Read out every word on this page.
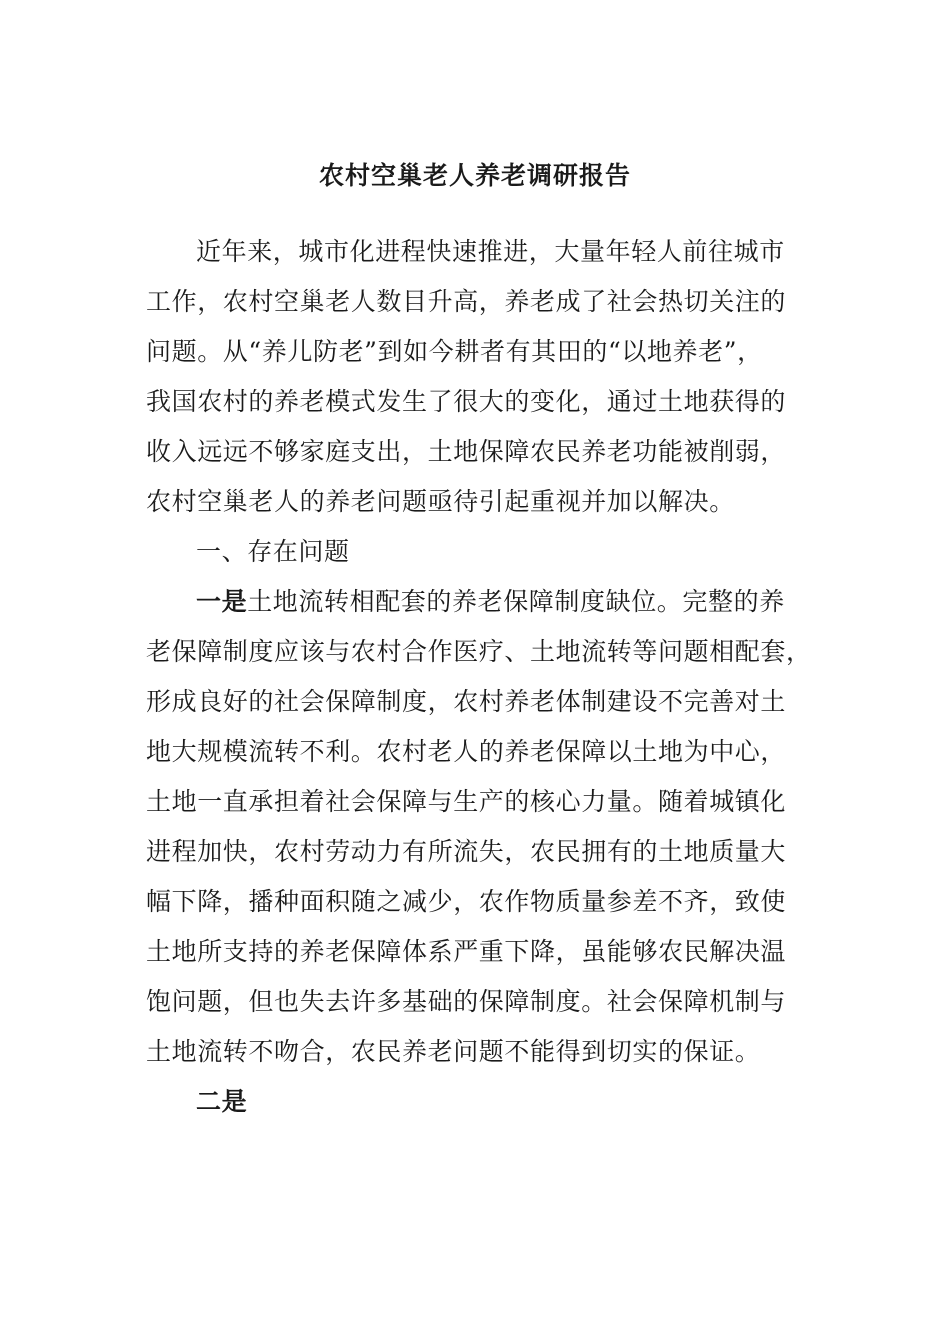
农村空巢老人养老调研报告

近年来，城市化进程快速推进，大量年轻人前往城市

工作，农村空巢老人数目升高，养老成了社会热切关注的

问题。从“养儿防老”到如今耕者有其田的“以地养老”，

我国农村的养老模式发生了很大的变化，通过土地获得的

收入远远不够家庭支出，土地保障农民养老功能被削弱，

农村空巢老人的养老问题亟待引起重视并加以解决。

一、存在问题

一是土地流转相配套的养老保障制度缺位。完整的养

老保障制度应该与农村合作医疗、土地流转等问题相配套，

形成良好的社会保障制度，农村养老体制建设不完善对土

地大规模流转不利。农村老人的养老保障以土地为中心，

土地一直承担着社会保障与生产的核心力量。随着城镇化

进程加快，农村劳动力有所流失，农民拥有的土地质量大

幅下降，播种面积随之减少，农作物质量参差不齐，致使

土地所支持的养老保障体系严重下降，虽能够农民解决温

饱问题，但也失去许多基础的保障制度。社会保障机制与

土地流转不吻合，农民养老问题不能得到切实的保证。

二是
